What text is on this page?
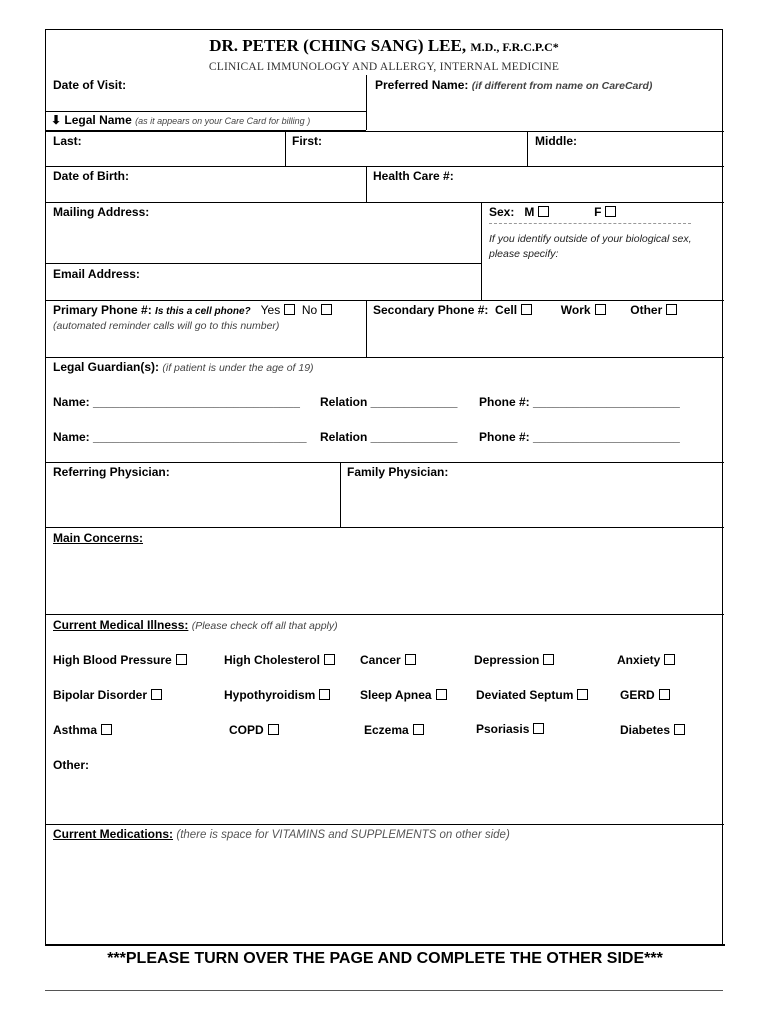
DR. PETER (CHING SANG) LEE, M.D., F.R.C.P.C*
CLINICAL IMMUNOLOGY AND ALLERGY, INTERNAL MEDICINE
Date of Visit:	Preferred Name: (if different from name on CareCard)
⬇ Legal Name (as it appears on your Care Card for billing )
Last:	First:	Middle:
Date of Birth:	Health Care #:
Mailing Address:	Sex: M	F
If you identify outside of your biological sex,
please specify:
Email Address:
Primary Phone #: Is this a cell phone? Yes No
(automated reminder calls will go to this number)
Secondary Phone #: Cell	Work	Other
Legal Guardian(s): (if patient is under the age of 19)
Name: _______________________________ Relation _____________ Phone #: ______________________
Name: ________________________________ Relation _____________ Phone #: ______________________
Referring Physician:	Family Physician:
Main Concerns:
Current Medical Illness: (Please check off all that apply)
High Blood Pressure	High Cholesterol	Cancer	Depression	Anxiety
Bipolar Disorder	Hypothyroidism	Sleep Apnea	Deviated Septum	GERD
Asthma	COPD	Eczema	Psoriasis	Diabetes
Other:
Current Medications: (there is space for VITAMINS and SUPPLEMENTS on other side)
***PLEASE TURN OVER THE PAGE AND COMPLETE THE OTHER SIDE***
